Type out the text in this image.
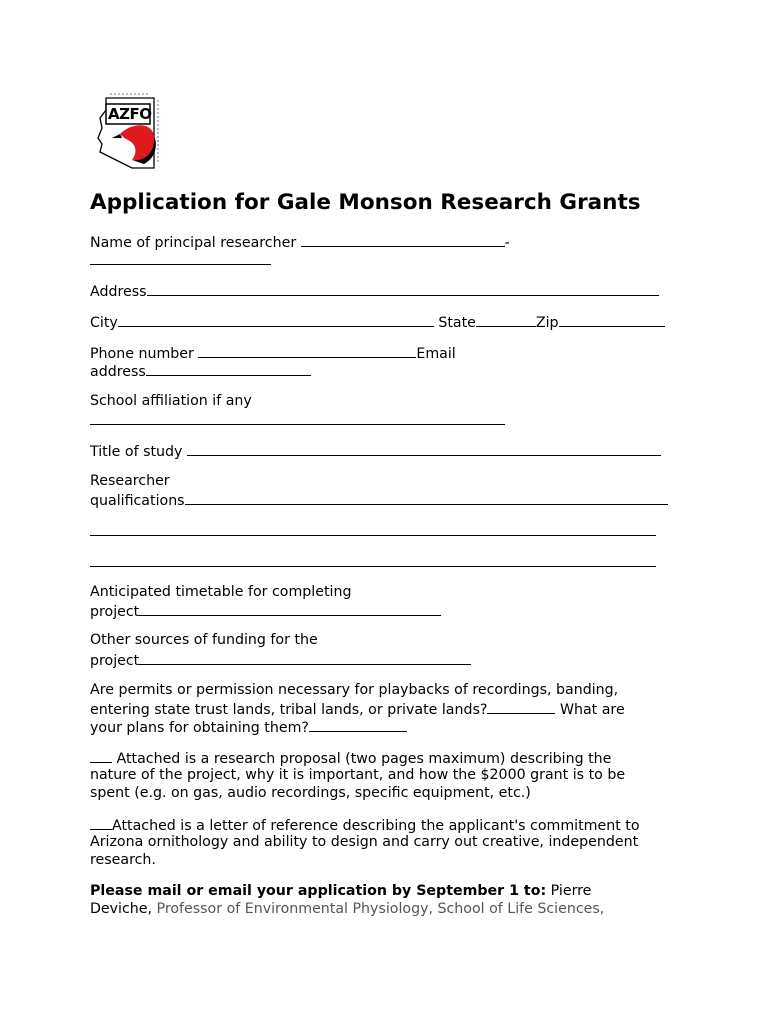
AZFO
Application for Gale Monson Research Grants
Name of principal researcher	-
Address
City	State	Zip
Phone number	Email
address
School affiliation if any
Title of study
Researcher
qualifications
Anticipated timetable for completing
project
Other sources of funding for the
project
Are permits or permission necessary for playbacks of recordings, banding,
entering state trust lands, tribal lands, or private lands?	What are
your plans for obtaining them?
Attached is a research proposal (two pages maximum) describing the
nature of the project, why it is important, and how the $2000 grant is to be
spent (e.g. on gas, audio recordings, specific equipment, etc.)
Attached is a letter of reference describing the applicant's commitment to
Arizona ornithology and ability to design and carry out creative, independent
research.
Please mail or email your application by September 1 to: Pierre
Deviche, Professor of Environmental Physiology, School of Life Sciences,
